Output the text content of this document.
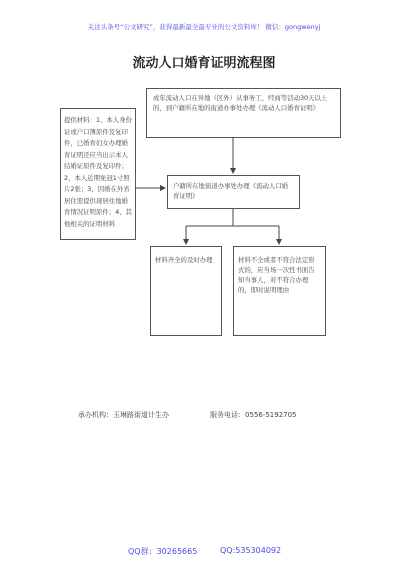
关注头条号“公文研究”，获得最新最全最专业的公文资料库！ 微信：gongwenyj
流动人口婚育证明流程图
成年流动人口在异地（区外）从事务工、经商等活动30天以上的，到户籍所在地的街道办事处办理《流动人口婚育证明》
提供材料：1、本人身份证或户口簿原件及复印件，已婚育妇女办理婚育证明还应当出示本人结婚证原件及复印件；2、本人近期免冠1寸照片2张；3、因婚在外省居住需提供现居住地婚育情况证明原件；4、其他相关的证明材料
户籍所在地街道办事处办理《流动人口婚育证明》
材料齐全的及时办理	材料不全或者不符合法定形式的，应当场一次性书面告知当事人，对不符合办理的，即时说明理由
承办机构：玉琳路街道计生办	服务电话：0556-5192705
QQ群：30265665	QQ:535304092
